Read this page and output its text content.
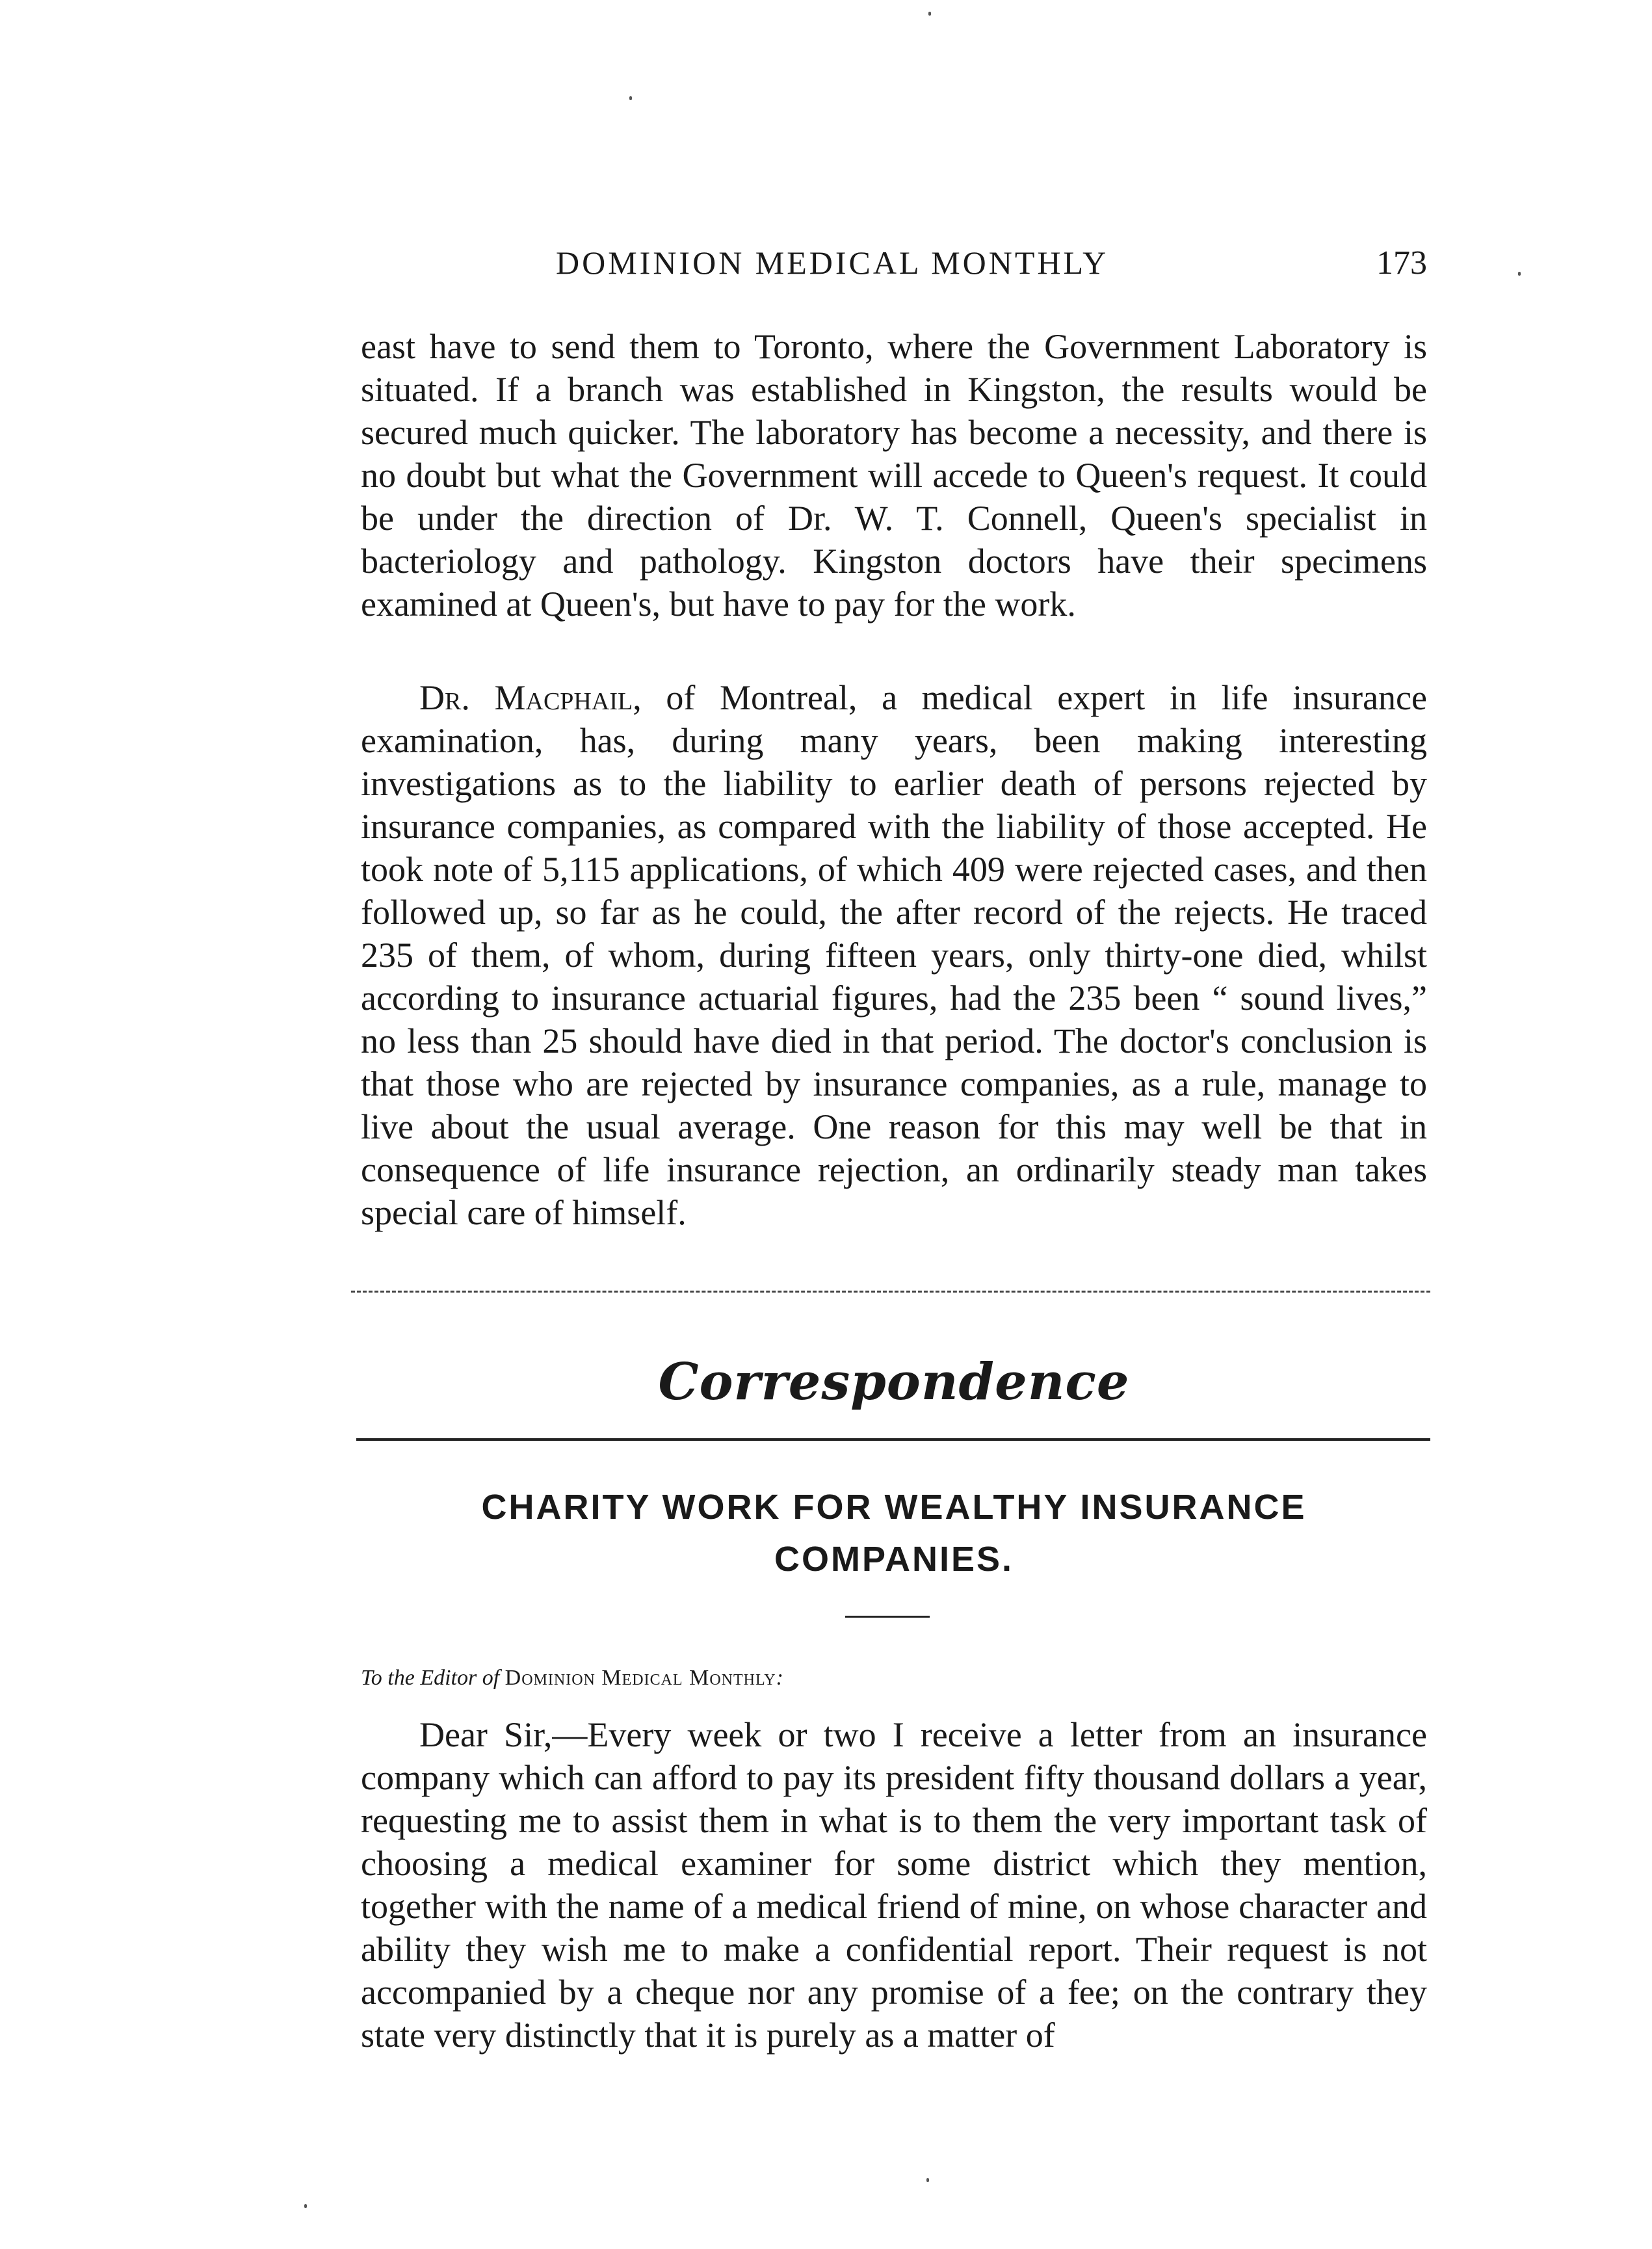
DOMINION MEDICAL MONTHLY	173

east have to send them to Toronto, where the Government Laboratory is situated. If a branch was established in Kingston, the results would be secured much quicker. The laboratory has become a necessity, and there is no doubt but what the Government will accede to Queen's request. It could be under the direction of Dr. W. T. Connell, Queen's specialist in bacteriology and pathology. Kingston doctors have their specimens examined at Queen's, but have to pay for the work.

Dr. Macphail, of Montreal, a medical expert in life insurance examination, has, during many years, been making interesting investigations as to the liability to earlier death of persons rejected by insurance companies, as compared with the liability of those accepted. He took note of 5,115 applications, of which 409 were rejected cases, and then followed up, so far as he could, the after record of the rejects. He traced 235 of them, of whom, during fifteen years, only thirty-one died, whilst according to insurance actuarial figures, had the 235 been “ sound lives,” no less than 25 should have died in that period. The doctor's conclusion is that those who are rejected by insurance companies, as a rule, manage to live about the usual average. One reason for this may well be that in consequence of life insurance rejection, an ordinarily steady man takes special care of himself.

Correspondence
CHARITY WORK FOR WEALTHY INSURANCE COMPANIES.
To the Editor of Dominion Medical Monthly:

Dear Sir,—Every week or two I receive a letter from an insurance company which can afford to pay its president fifty thousand dollars a year, requesting me to assist them in what is to them the very important task of choosing a medical examiner for some district which they mention, together with the name of a medical friend of mine, on whose character and ability they wish me to make a confidential report. Their request is not accompanied by a cheque nor any promise of a fee; on the contrary they state very distinctly that it is purely as a matter of
